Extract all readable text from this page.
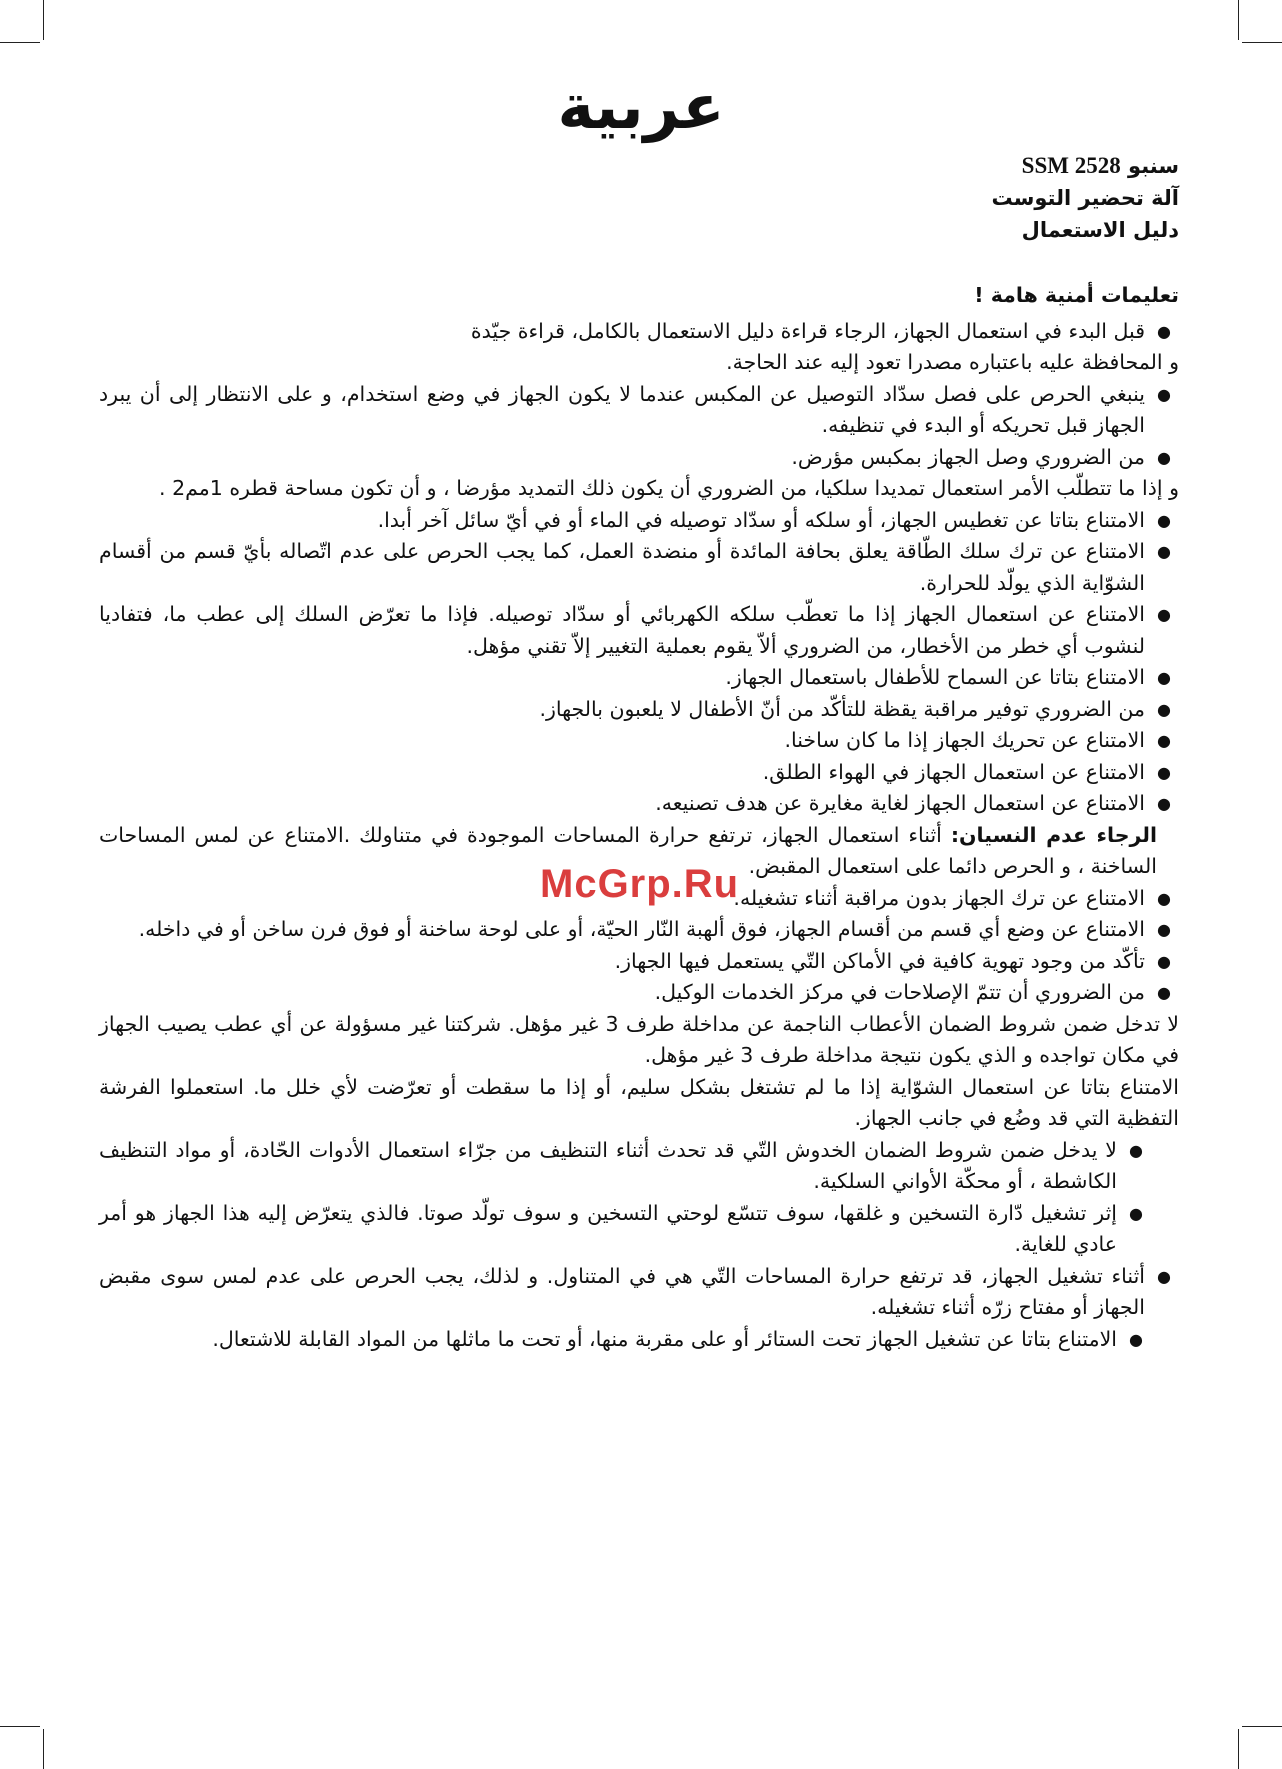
عربية
سنبو SSM 2528
آلة تحضير التوست
دليل الاستعمال
تعليمات أمنية هامة !

●
قبل البدء في استعمال الجهاز، الرجاء قراءة دليل الاستعمال بالكامل، قراءة جيّدة

و المحافظة عليه باعتباره مصدرا تعود إليه عند الحاجة.

●
ينبغي الحرص على فصل سدّاد التوصيل عن المكبس عندما لا يكون الجهاز في وضع استخدام، و على الانتظار إلى أن يبرد الجهاز قبل تحريكه أو البدء في تنظيفه.

●
من الضروري وصل الجهاز بمكبس مؤرض.

و إذا ما تتطلّب الأمر استعمال تمديدا سلكيا، من الضروري أن يكون ذلك التمديد مؤرضا ، و أن تكون مساحة قطره 1مم2 .

●
الامتناع بتاتا عن تغطيس الجهاز، أو سلكه أو سدّاد توصيله في الماء أو في أيّ سائل آخر أبدا.

●
الامتناع عن ترك سلك الطّاقة يعلق بحافة المائدة أو منضدة العمل، كما يجب الحرص على عدم اتّصاله بأيّ قسم من أقسام الشوّاية الذي يولّد للحرارة.

●
الامتناع عن استعمال الجهاز إذا ما تعطّب سلكه الكهربائي أو سدّاد توصيله. فإذا ما تعرّض السلك إلى عطب ما، فتفاديا لنشوب أي خطر من الأخطار، من الضروري ألاّ يقوم بعملية التغيير إلاّ تقني مؤهل.

●
الامتناع بتاتا عن السماح للأطفال باستعمال الجهاز.

●
من الضروري توفير مراقبة يقظة للتأكّد من أنّ الأطفال لا يلعبون بالجهاز.

●
الامتناع عن تحريك الجهاز إذا ما كان ساخنا.

●
الامتناع عن استعمال الجهاز في الهواء الطلق.

●
الامتناع عن استعمال الجهاز لغاية مغايرة عن هدف تصنيعه.

الرجاء عدم النسيان: أثناء استعمال الجهاز، ترتفع حرارة المساحات الموجودة في متناولك .الامتناع عن لمس المساحات الساخنة ، و الحرص دائما على استعمال المقبض.

●
الامتناع عن ترك الجهاز بدون مراقبة أثناء تشغيله.

●
الامتناع عن وضع أي قسم من أقسام الجهاز، فوق ألهبة النّار الحيّة، أو على لوحة ساخنة أو فوق فرن ساخن أو في داخله.

●
تأكّد من وجود تهوية كافية في الأماكن التّي يستعمل فيها الجهاز.

●
من الضروري أن تتمّ الإصلاحات في مركز الخدمات الوكيل.

لا تدخل ضمن شروط الضمان الأعطاب الناجمة عن مداخلة طرف 3 غير مؤهل. شركتنا غير مسؤولة عن أي عطب يصيب الجهاز في مكان تواجده و الذي يكون نتيجة مداخلة طرف 3 غير مؤهل.

الامتناع بتاتا عن استعمال الشوّاية إذا ما لم تشتغل بشكل سليم، أو إذا ما سقطت أو تعرّضت لأي خلل ما. استعملوا الفرشة التفظية التي قد وضُع في جانب الجهاز.

●
لا يدخل ضمن شروط الضمان الخدوش التّي قد تحدث أثناء التنظيف من جرّاء استعمال الأدوات الحّادة، أو مواد التنظيف الكاشطة ، أو محكّة الأواني السلكية.

●
إثر تشغيل دّارة التسخين و غلقها، سوف تتسّع لوحتي التسخين و سوف تولّد صوتا. فالذي يتعرّض إليه هذا الجهاز هو أمر عادي للغاية.

●
أثناء تشغيل الجهاز، قد ترتفع حرارة المساحات التّي هي في المتناول. و لذلك، يجب الحرص على عدم لمس سوى مقبض الجهاز أو مفتاح زرّه أثناء تشغيله.

●
الامتناع بتاتا عن تشغيل الجهاز تحت الستائر أو على مقربة منها، أو تحت ما ماثلها من المواد القابلة للاشتعال.

McGrp.Ru
